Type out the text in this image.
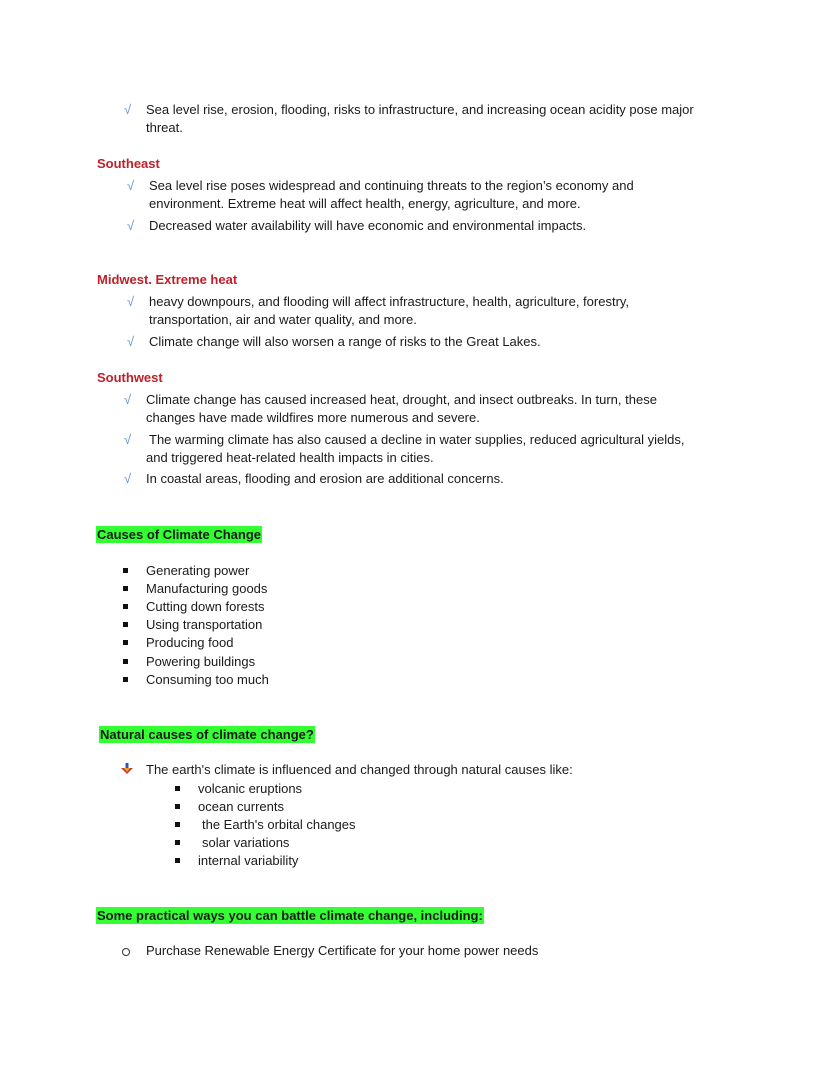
√ Sea level rise, erosion, flooding, risks to infrastructure, and increasing ocean acidity pose major
threat.
Southeast
√ Sea level rise poses widespread and continuing threats to the region’s economy and
environment. Extreme heat will affect health, energy, agriculture, and more.
√ Decreased water availability will have economic and environmental impacts.
Midwest. Extreme heat
√ heavy downpours, and flooding will affect infrastructure, health, agriculture, forestry,
transportation, air and water quality, and more.
√ Climate change will also worsen a range of risks to the Great Lakes.
Southwest
√ Climate change has caused increased heat, drought, and insect outbreaks. In turn, these
changes have made wildfires more numerous and severe.
√ The warming climate has also caused a decline in water supplies, reduced agricultural yields,
and triggered heat-related health impacts in cities.
√ In coastal areas, flooding and erosion are additional concerns.
Causes of Climate Change
Generating power
Manufacturing goods
Cutting down forests
Using transportation
Producing food
Powering buildings
Consuming too much
Natural causes of climate change?
The earth's climate is influenced and changed through natural causes like:
volcanic eruptions
ocean currents
the Earth's orbital changes
solar variations
internal variability
Some practical ways you can battle climate change, including:
Purchase Renewable Energy Certificate for your home power needs
